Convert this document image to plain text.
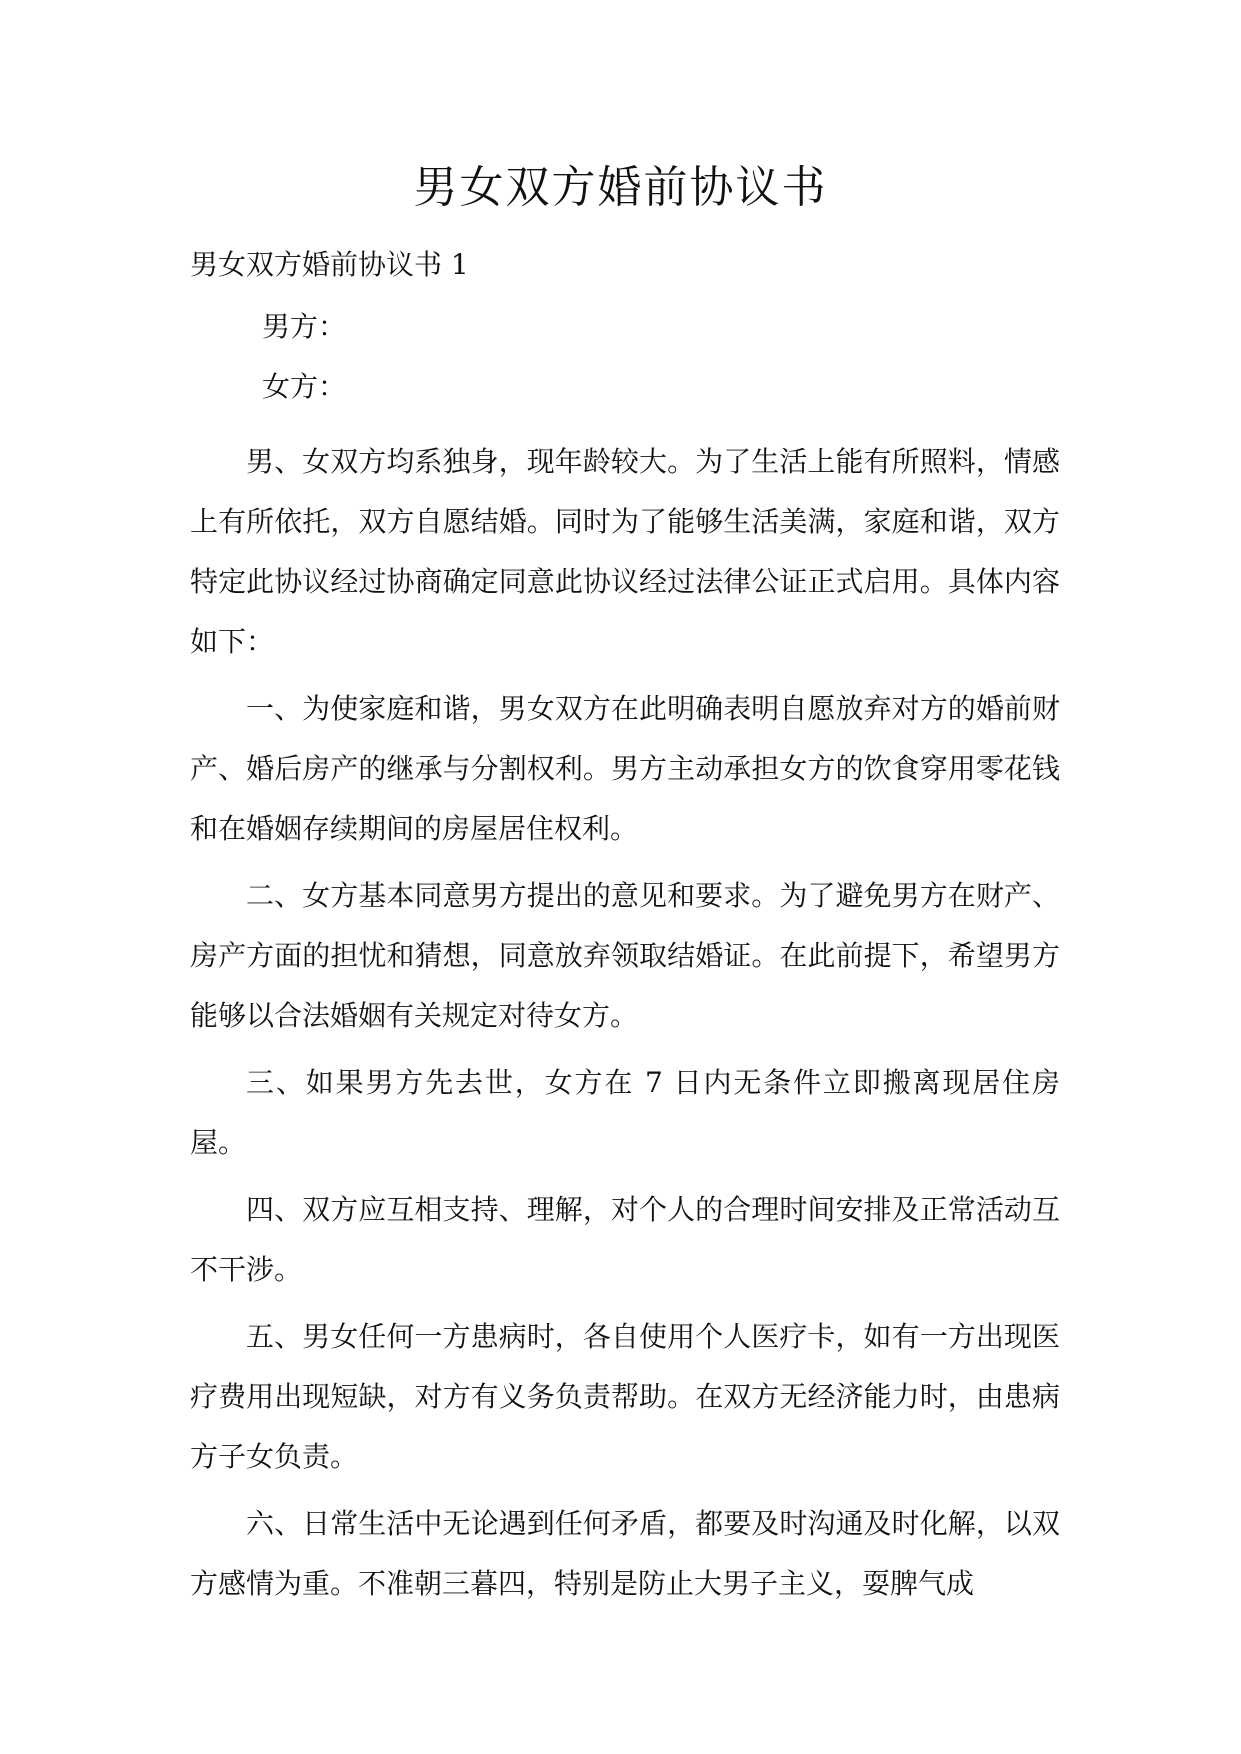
男女双方婚前协议书

男女双方婚前协议书 1

男方：

女方：

男、女双方均系独身，现年龄较大。为了生活上能有所照料，情感上有所依托，双方自愿结婚。同时为了能够生活美满，家庭和谐，双方特定此协议经过协商确定同意此协议经过法律公证正式启用。具体内容如下：

一、为使家庭和谐，男女双方在此明确表明自愿放弃对方的婚前财产、婚后房产的继承与分割权利。男方主动承担女方的饮食穿用零花钱和在婚姻存续期间的房屋居住权利。

二、女方基本同意男方提出的意见和要求。为了避免男方在财产、房产方面的担忧和猜想，同意放弃领取结婚证。在此前提下，希望男方能够以合法婚姻有关规定对待女方。

三、如果男方先去世，女方在 7 日内无条件立即搬离现居住房屋。

四、双方应互相支持、理解，对个人的合理时间安排及正常活动互不干涉。

五、男女任何一方患病时，各自使用个人医疗卡，如有一方出现医疗费用出现短缺，对方有义务负责帮助。在双方无经济能力时，由患病方子女负责。

六、日常生活中无论遇到任何矛盾，都要及时沟通及时化解，以双方感情为重。不准朝三暮四，特别是防止大男子主义，耍脾气成
